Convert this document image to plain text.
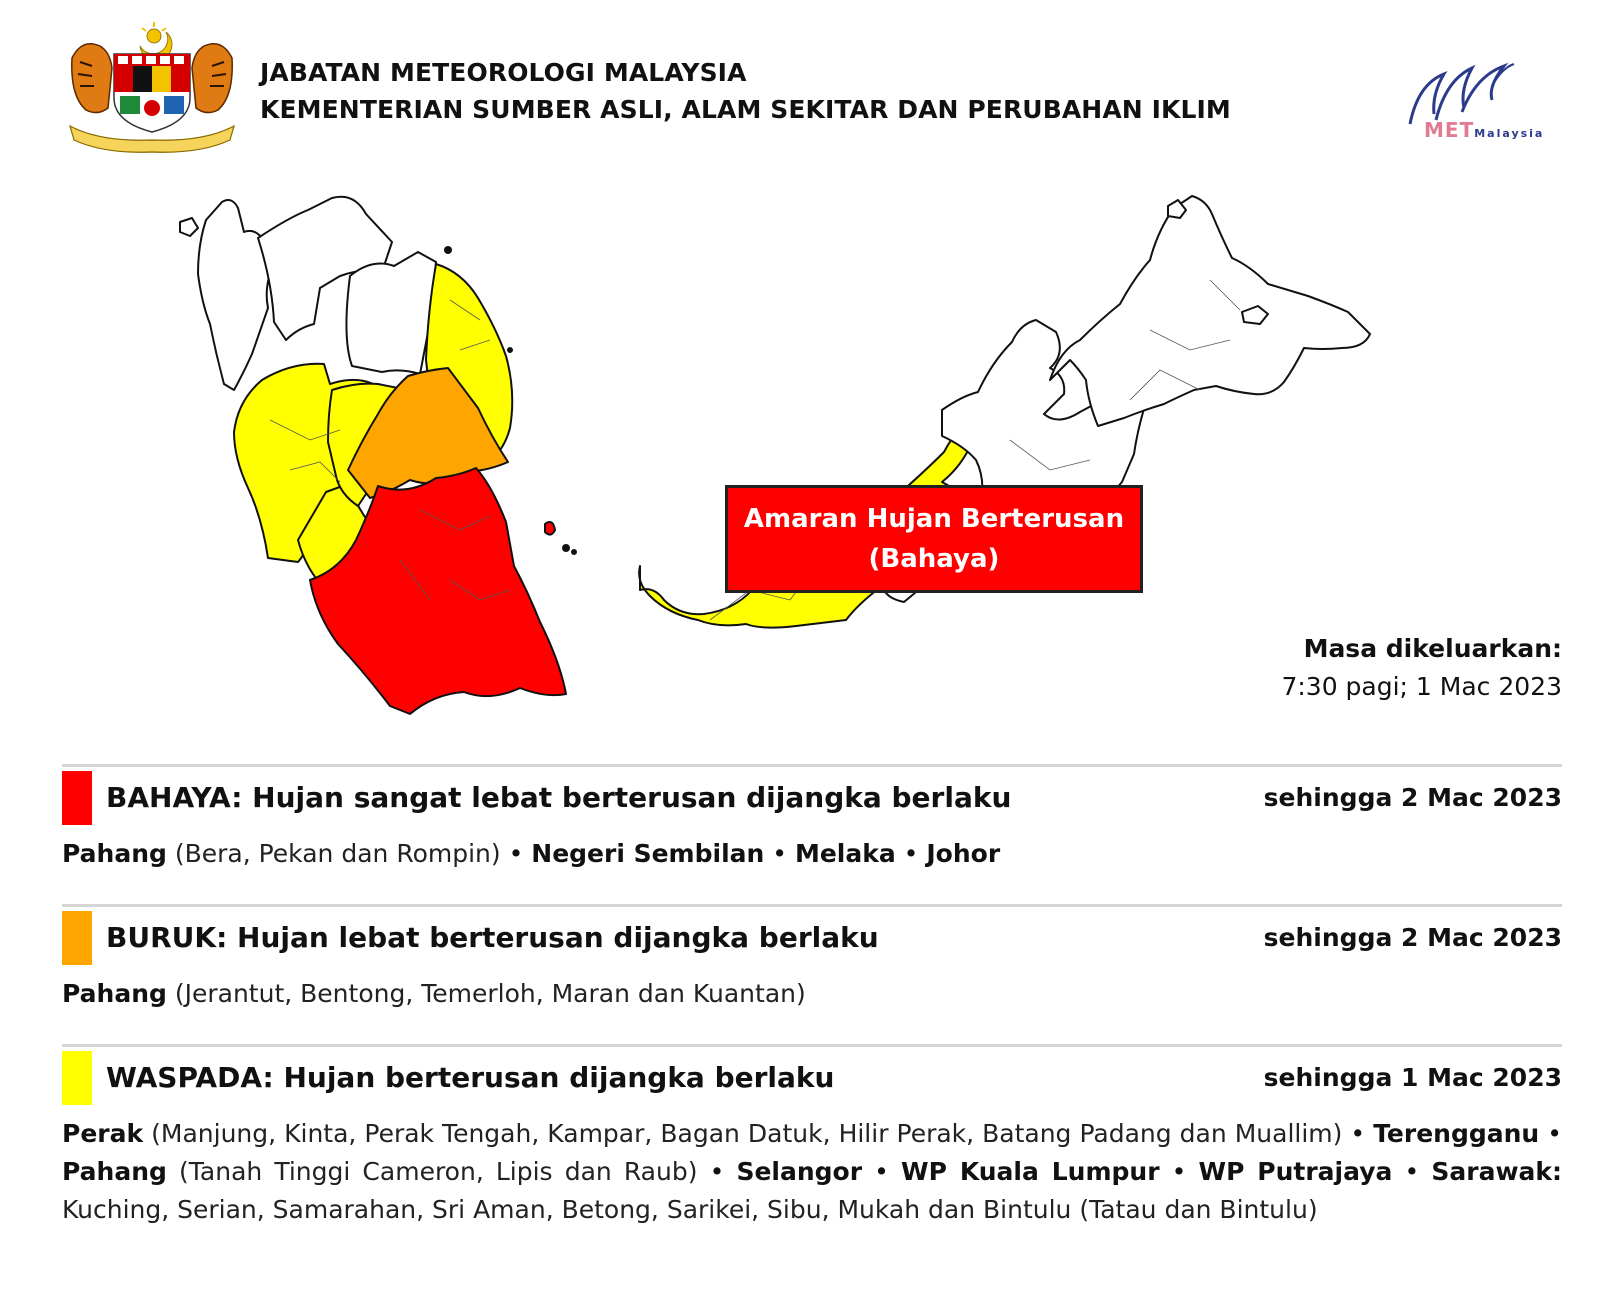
JABATAN METEOROLOGI MALAYSIA
KEMENTERIAN SUMBER ASLI, ALAM SEKITAR DAN PERUBAHAN IKLIM
METMalaysia
Amaran Hujan Berterusan
(Bahaya)
Masa dikeluarkan:
7:30 pagi; 1 Mac 2023
BAHAYA: Hujan sangat lebat berterusan dijangka berlaku	sehingga 2 Mac 2023
Pahang (Bera, Pekan dan Rompin) • Negeri Sembilan • Melaka • Johor
BURUK: Hujan lebat berterusan dijangka berlaku	sehingga 2 Mac 2023
Pahang (Jerantut, Bentong, Temerloh, Maran dan Kuantan)
WASPADA: Hujan berterusan dijangka berlaku	sehingga 1 Mac 2023
Perak (Manjung, Kinta, Perak Tengah, Kampar, Bagan Datuk, Hilir Perak, Batang Padang dan Muallim) • Terengganu • Pahang (Tanah Tinggi Cameron, Lipis dan Raub) • Selangor • WP Kuala Lumpur • WP Putrajaya • Sarawak: Kuching, Serian, Samarahan, Sri Aman, Betong, Sarikei, Sibu, Mukah dan Bintulu (Tatau dan Bintulu)
